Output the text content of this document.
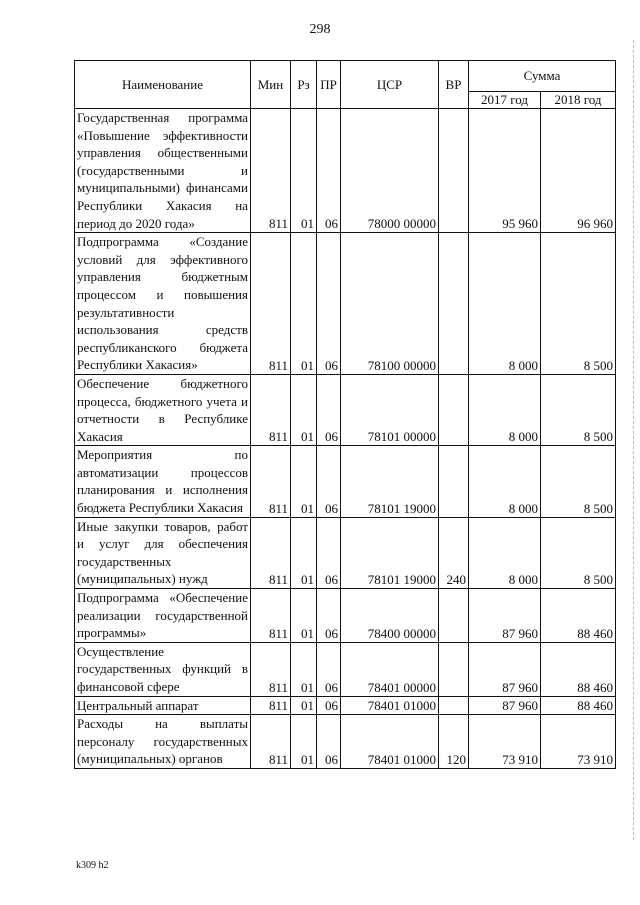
298
Наименование	Мин	Рз	ПР	ЦСР	ВР	Сумма	
						2017 год	2018 год
Государственная программа «Повышение эффективности управления общественными (государственными и муниципальными) финансами Республики Хакасия на период до 2020 года»	811	01	06	78000 00000		95 960	96 960
Подпрограмма «Создание условий для эффективного управления бюджетным процессом и повышения результативности использования средств республиканского бюджета Республики Хакасия»	811	01	06	78100 00000		8 000	8 500
Обеспечение бюджетного процесса, бюджетного учета и отчетности в Республике Хакасия	811	01	06	78101 00000		8 000	8 500
Мероприятия по автоматизации процессов планирования и исполнения бюджета Республики Хакасия	811	01	06	78101 19000		8 000	8 500
Иные закупки товаров, работ и услуг для обеспечения государственных (муниципальных) нужд	811	01	06	78101 19000	240	8 000	8 500
Подпрограмма «Обеспечение реализации государственной программы»	811	01	06	78400 00000		87 960	88 460
Осуществление государственных функций в финансовой сфере	811	01	06	78401 00000		87 960	88 460
Центральный аппарат	811	01	06	78401 01000		87 960	88 460
Расходы на выплаты персоналу государственных (муниципальных) органов	811	01	06	78401 01000	120	73 910	73 910
k309 h2
